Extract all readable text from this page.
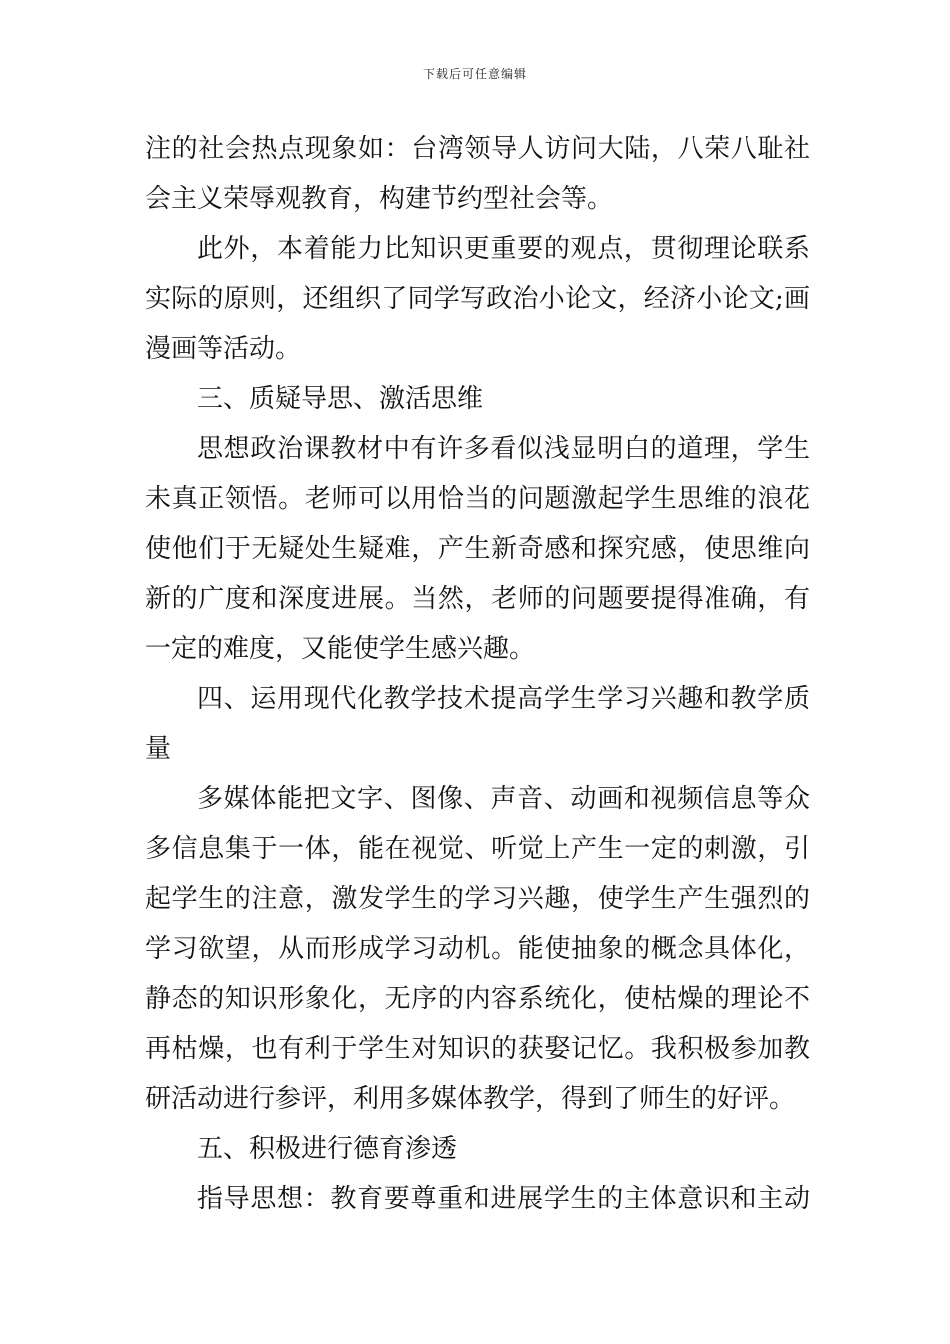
下载后可任意编辑
注的社会热点现象如：台湾领导人访问大陆，八荣八耻社
会主义荣辱观教育，构建节约型社会等。
此外，本着能力比知识更重要的观点，贯彻理论联系
实际的原则，还组织了同学写政治小论文，经济小论文;画
漫画等活动。
三、质疑导思、激活思维
思想政治课教材中有许多看似浅显明白的道理，学生
未真正领悟。老师可以用恰当的问题激起学生思维的浪花
使他们于无疑处生疑难，产生新奇感和探究感，使思维向
新的广度和深度进展。当然，老师的问题要提得准确，有
一定的难度，又能使学生感兴趣。
四、运用现代化教学技术提高学生学习兴趣和教学质
量
多媒体能把文字、图像、声音、动画和视频信息等众
多信息集于一体，能在视觉、听觉上产生一定的刺激，引
起学生的注意，激发学生的学习兴趣，使学生产生强烈的
学习欲望，从而形成学习动机。能使抽象的概念具体化，
静态的知识形象化，无序的内容系统化，使枯燥的理论不
再枯燥，也有利于学生对知识的获娶记忆。我积极参加教
研活动进行参评，利用多媒体教学，得到了师生的好评。
五、积极进行德育渗透
指导思想：教育要尊重和进展学生的主体意识和主动
